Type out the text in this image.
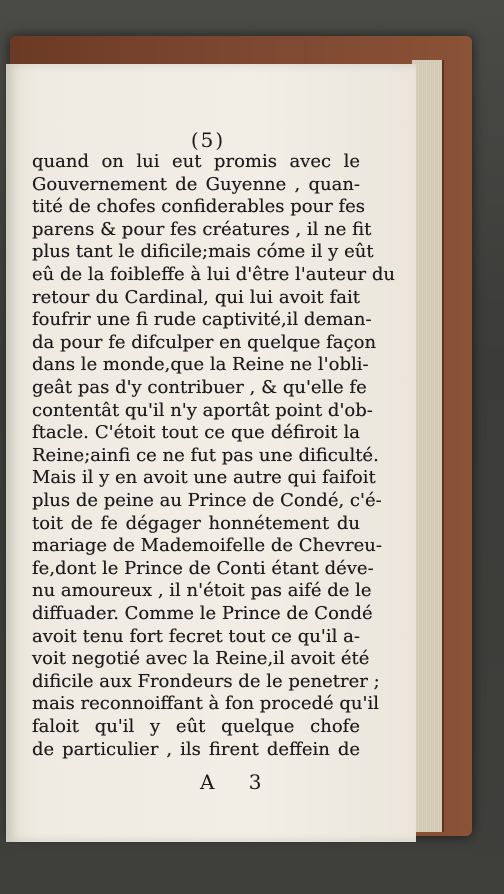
(5)
quand on lui eut promis avec le
Gouvernement de Guyenne , quan-
tité de chofes confiderables pour fes
parens & pour fes créatures , il ne fit
plus tant le dificile;mais cóme il y eût
eû de la foibleffe à lui d'être l'auteur du
retour du Cardinal, qui lui avoit fait
foufrir une fi rude captivité,il deman-
da pour fe difculper en quelque façon
dans le monde,que la Reine ne l'obli-
geât pas d'y contribuer , & qu'elle fe
contentât qu'il n'y aportât point d'ob-
ftacle. C'étoit tout ce que défiroit la
Reine;ainfi ce ne fut pas une dificulté.
Mais il y en avoit une autre qui faifoit
plus de peine au Prince de Condé, c'é-
toit de fe dégager honnétement du
mariage de Mademoifelle de Chevreu-
fe,dont le Prince de Conti étant déve-
nu amoureux , il n'étoit pas aifé de le
diffuader. Comme le Prince de Condé
avoit tenu fort fecret tout ce qu'il a-
voit negotié avec la Reine,il avoit été
dificile aux Frondeurs de le penetrer ;
mais reconnoiffant à fon procedé qu'il
faloit qu'il y eût quelque chofe
de particulier , ils firent deffein de
A 3
